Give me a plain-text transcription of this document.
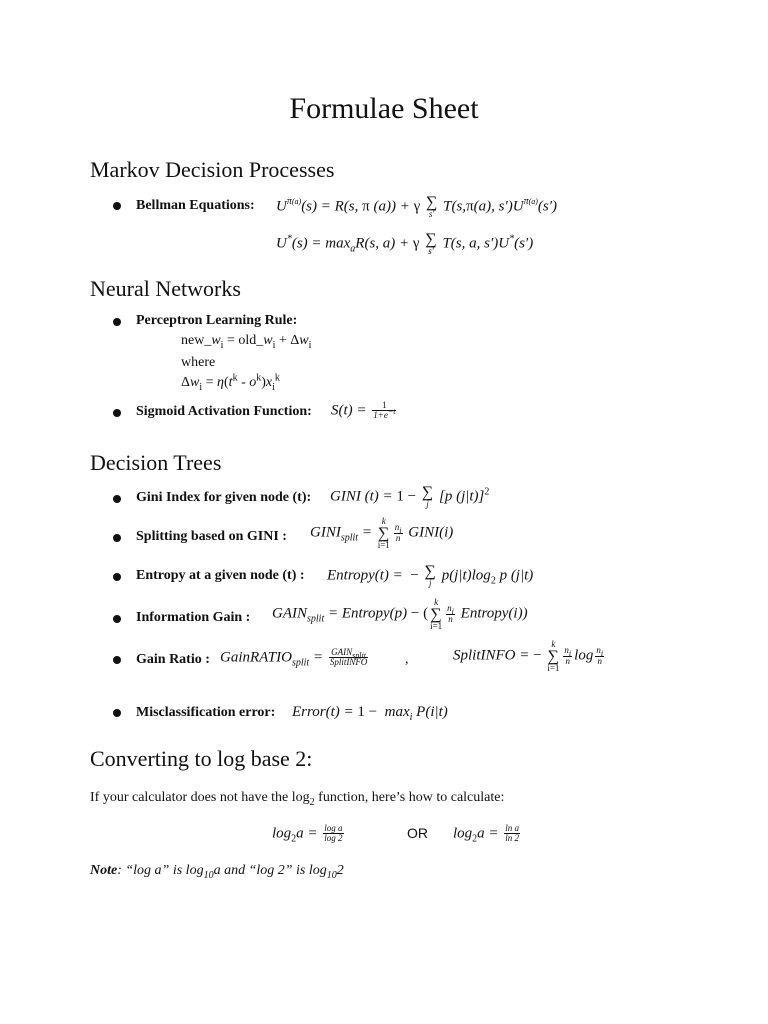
Formulae Sheet
Markov Decision Processes
Bellman Equations: $U^{\pi(a)}(s) = R(s$, π (a)) + γ ∑
s′ T(s,π(a), $s')U^{\pi(a)}(s')$
$U^*(s) = \max_aR(s$, a) + γ ∑
s′ T(s, a, s′)U*(s′)
Neural Networks
Perceptron Learning Rule:
$new\_w_i$ = $old\_w_i + \Delta w_i$
where
$\Delta w_i = \eta(t^k - o^k)x_i^k$
Sigmoid Activation Function: $S(t) = \frac{1}{1+e^{-t}}$
Decision Trees
Gini Index for given node (t): GINI (t) = 1 − ∑
j [p (j|t)]$^2$
Splitting based on GINI : $GINI_{split}$ =
k
∑
i=1
$\frac{n_i}{n}$ GINI(i)
Entropy at a given node (t) : Entropy(t) =  − ∑
j $p(j|t)\log_2$ p (j|t)
Information Gain : $GAIN_{split}$ = Entropy(p) − (
k
∑
i=1
$\frac{n_i}{n}$ Entropy(i))
Gain Ratio : GainRATIO$_{split}$ = $\frac{GAIN_{split}}{\text{SplitINFO}}$	,	SplitINFO = −
k
∑
i=1
$\frac{n_i}{n}$ $\log \frac{n_i}{n}$
Misclassification error: Error(t) = $1 - \max_i P(i|t)$
Converting to log base 2:
If your calculator does not have the $\log_2$ function, here’s how to calculate:
$\log_2a = \frac{\text{log a}}{\log 2}$	OR $\log_2a = \frac{\text{ln a}}{\ln 2}$
Note: “log a” is $\log_{10}a$ and “log 2” is $\log_{10}2$
